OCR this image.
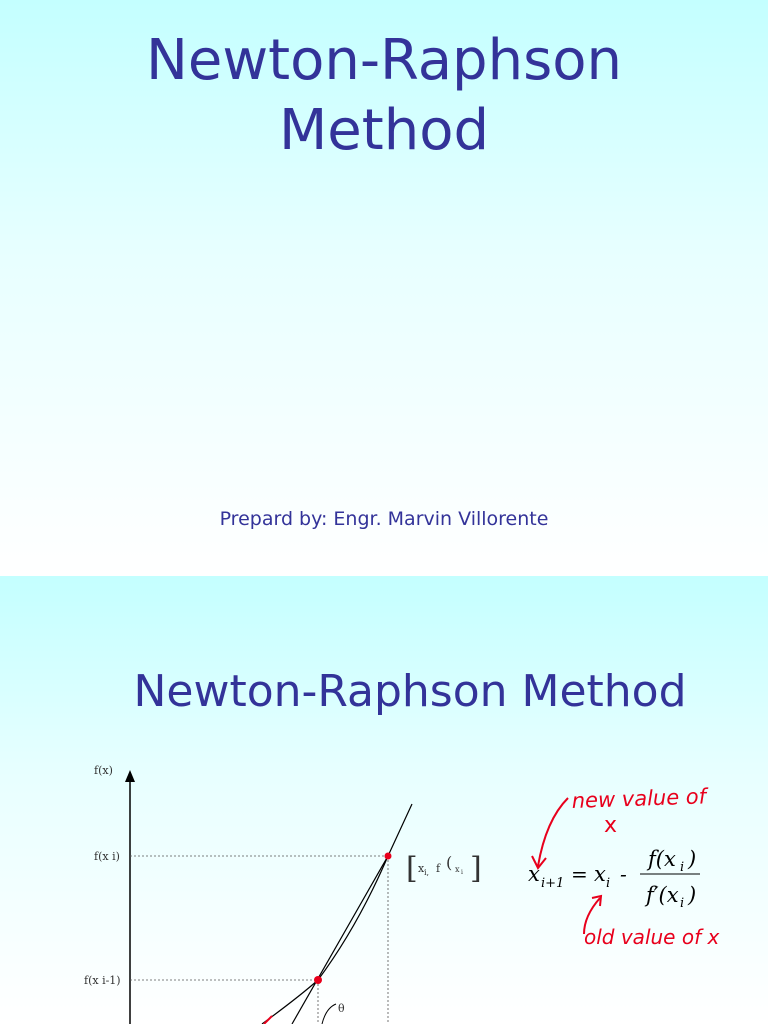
Newton-Raphson
Method
Prepard by: Engr. Marvin Villorente
Newton-Raphson Method
f(x)
f(x i)
f(x i-1)
θ
[ x i, f ( x i ] x i+1 = x i -
f(x i )
f′(x i )
new value of
x
old value of x
